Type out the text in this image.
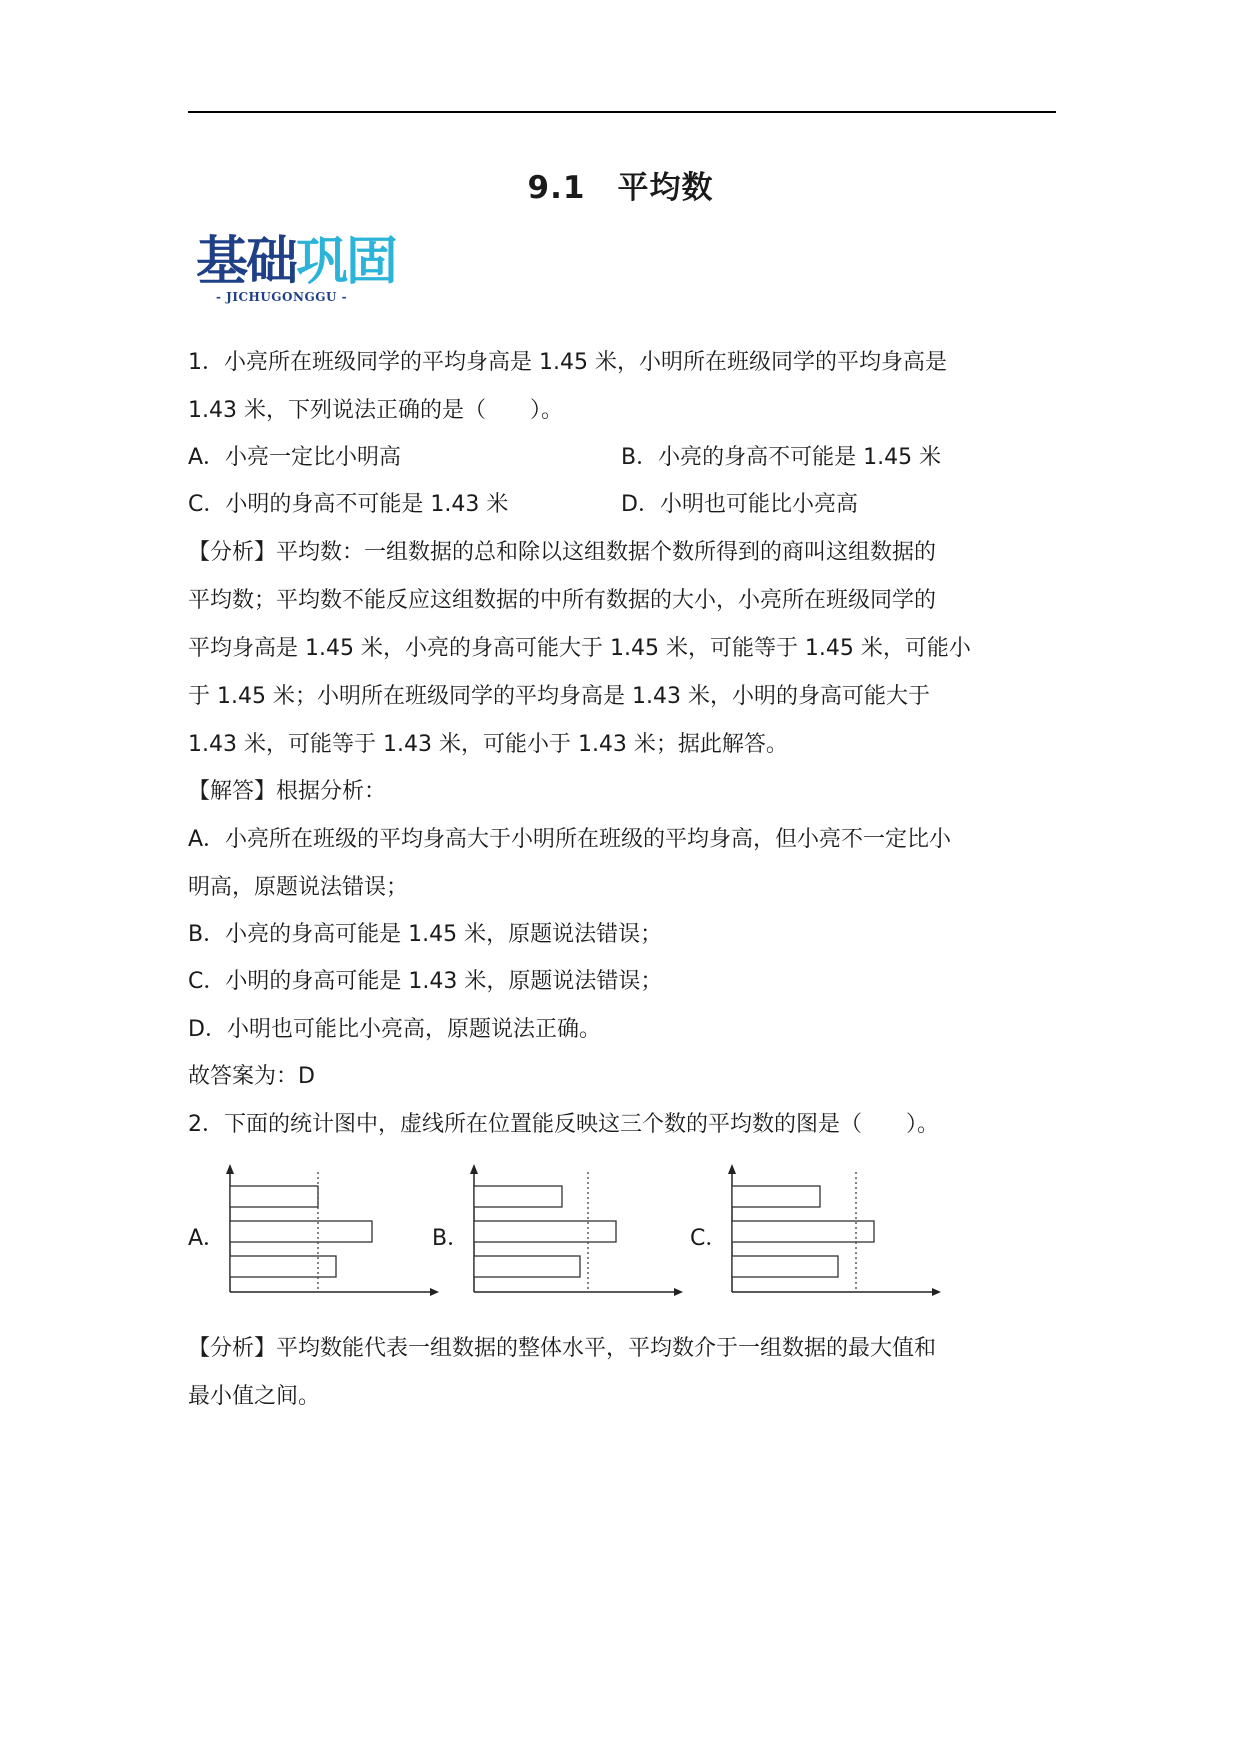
9.1　平均数
基础巩固
- JICHUGONGGU -
1．小亮所在班级同学的平均身高是 1.45 米，小明所在班级同学的平均身高是
1.43 米，下列说法正确的是（　　）。
A．小亮一定比小明高	B．小亮的身高不可能是 1.45 米
C．小明的身高不可能是 1.43 米	D．小明也可能比小亮高
【分析】平均数：一组数据的总和除以这组数据个数所得到的商叫这组数据的
平均数；平均数不能反应这组数据的中所有数据的大小，小亮所在班级同学的
平均身高是 1.45 米，小亮的身高可能大于 1.45 米，可能等于 1.45 米，可能小
于 1.45 米；小明所在班级同学的平均身高是 1.43 米，小明的身高可能大于
1.43 米，可能等于 1.43 米，可能小于 1.43 米；据此解答。
【解答】根据分析：
A．小亮所在班级的平均身高大于小明所在班级的平均身高，但小亮不一定比小
明高，原题说法错误；
B．小亮的身高可能是 1.45 米，原题说法错误；
C．小明的身高可能是 1.43 米，原题说法错误；
D．小明也可能比小亮高，原题说法正确。
故答案为：D
2．下面的统计图中，虚线所在位置能反映这三个数的平均数的图是（　　）。
A．	B．	C．
【分析】平均数能代表一组数据的整体水平，平均数介于一组数据的最大值和
最小值之间。
